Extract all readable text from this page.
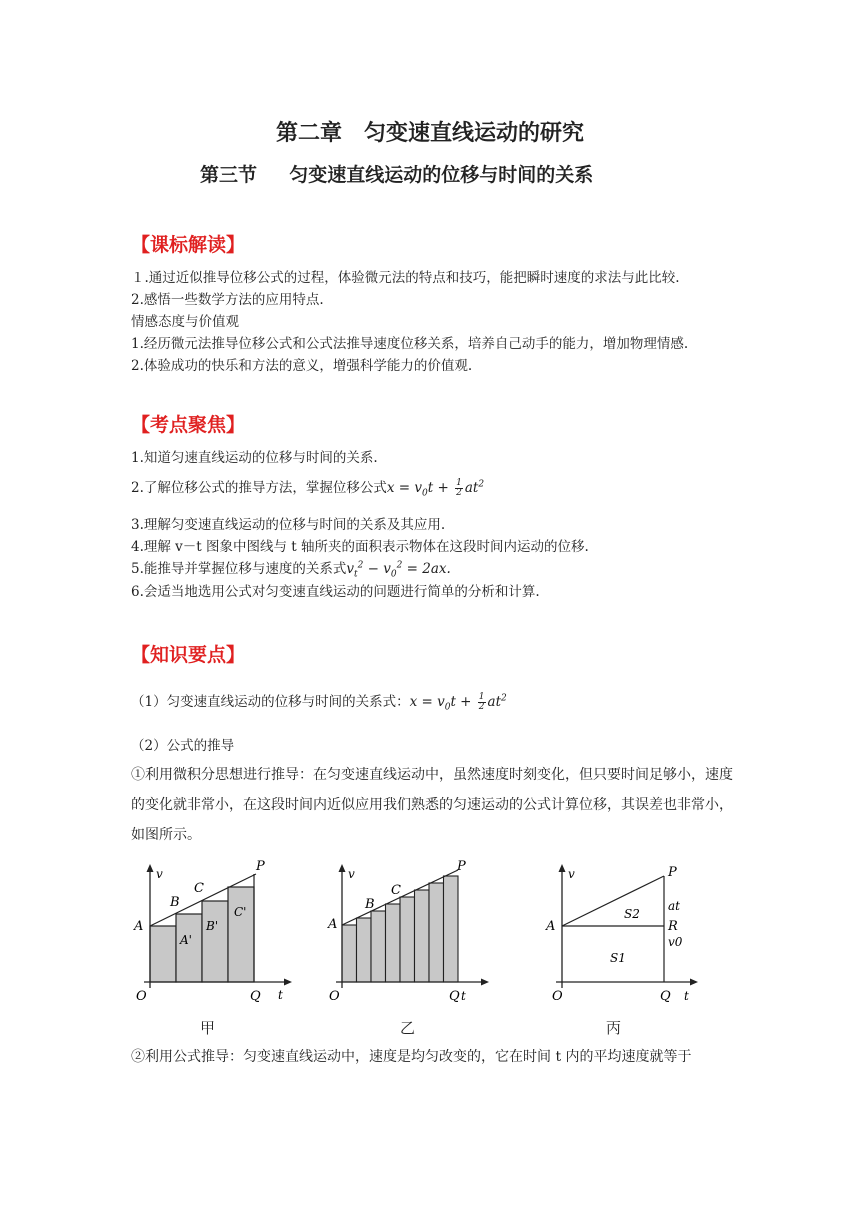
第二章　匀变速直线运动的研究
第三节　  匀变速直线运动的位移与时间的关系
【课标解读】
１.通过近似推导位移公式的过程，体验微元法的特点和技巧，能把瞬时速度的求法与此比较.
2.感悟一些数学方法的应用特点.
情感态度与价值观
1.经历微元法推导位移公式和公式法推导速度位移关系，培养自己动手的能力，增加物理情感.
2.体验成功的快乐和方法的意义，增强科学能力的价值观.
【考点聚焦】
1.知道匀速直线运动的位移与时间的关系.
2.了解位移公式的推导方法，掌握位移公式$x = v_0t + \frac{1}{2} at^2$
3.理解匀变速直线运动的位移与时间的关系及其应用.
4.理解 v－t 图象中图线与 t 轴所夹的面积表示物体在这段时间内运动的位移.
5.能推导并掌握位移与速度的关系式$v_t^2 - v_0^2 = 2ax$.
6.会适当地选用公式对匀变速直线运动的问题进行简单的分析和计算.
【知识要点】
（1）匀变速直线运动的位移与时间的关系式：$x = v_0t + \frac{1}{2} at^2$
（2）公式的推导
①利用微积分思想进行推导：在匀变速直线运动中，虽然速度时刻变化，但只要时间足够小，速度的变化就非常小，在这段时间内近似应用我们熟悉的匀速运动的公式计算位移，其误差也非常小，如图所示。
v
t
O
A
B
C
P
A'
B'
C'
Q
v
t
O
A
B
C
P
Q
v
t
O
A
P
at
S2
R
v0
S1
Q
甲	乙	丙
②利用公式推导：匀变速直线运动中，速度是均匀改变的，它在时间 t 内的平均速度就等于
